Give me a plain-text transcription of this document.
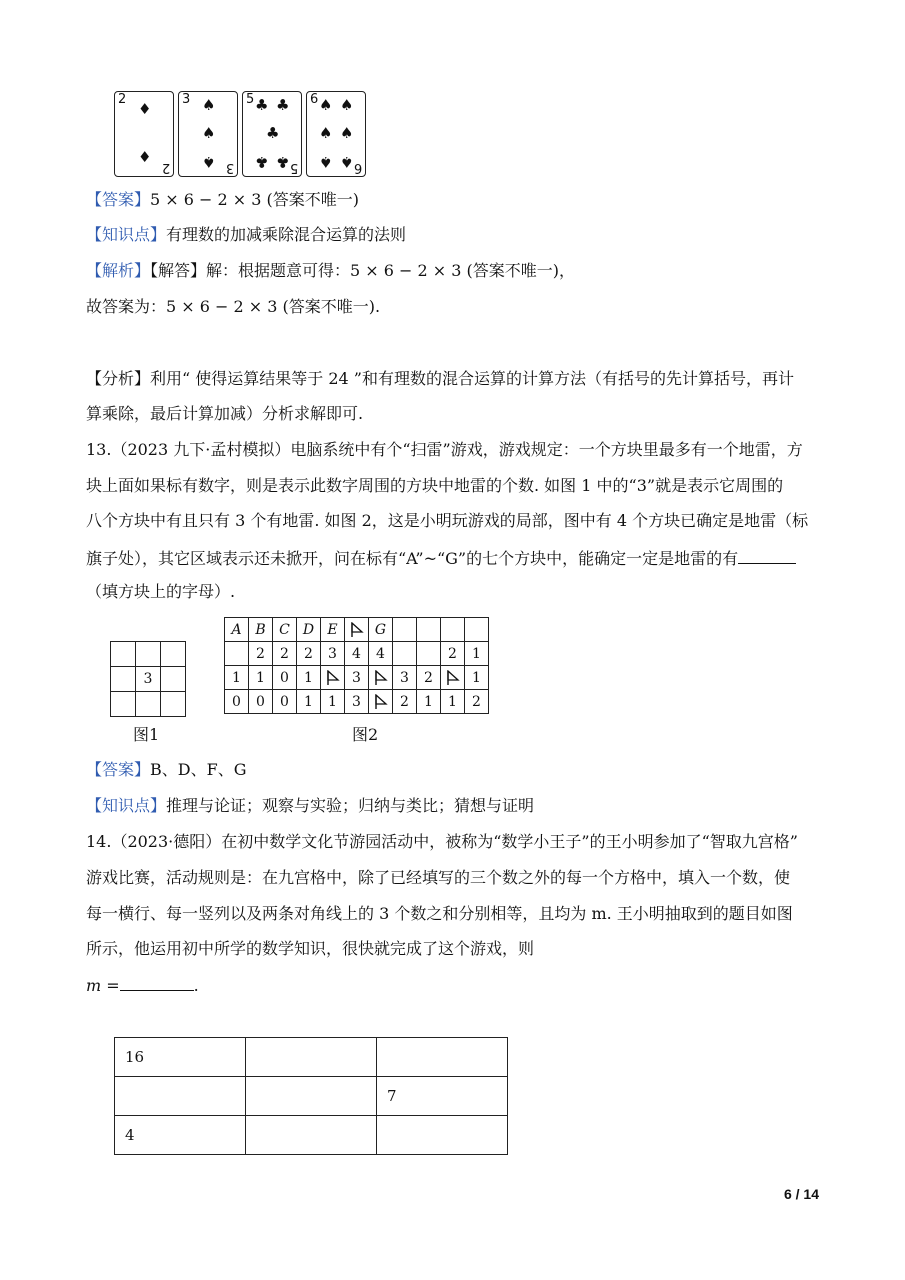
2
♦
♦
2
3 ♠
♠
♠ 3
5 ♣ ♣
♣
♣ ♣ 5
6 ♠ ♠
♠ ♠
♠ ♠ 6
【答案】5 × 6 − 2 × 3 (答案不唯一)
【知识点】有理数的加减乘除混合运算的法则
【解析】【解答】解：根据题意可得：5 × 6 − 2 × 3 (答案不唯一)，
故答案为：5 × 6 − 2 × 3 (答案不唯一).
【分析】利用“ 使得运算结果等于 24 ”和有理数的混合运算的计算方法（有括号的先计算括号，再计
算乘除，最后计算加减）分析求解即可.
13.（2023 九下·孟村模拟）电脑系统中有个“扫雷”游戏，游戏规定：一个方块里最多有一个地雷，方
块上面如果标有数字，则是表示此数字周围的方块中地雷的个数. 如图 1 中的“3”就是表示它周围的
八个方块中有且只有 3 个有地雷. 如图 2，这是小明玩游戏的局部，图中有 4 个方块已确定是地雷（标
旗子处），其它区域表示还未掀开，问在标有“A”~“G”的七个方块中，能确定一定是地雷的有
（填方块上的字母）.

	3	

图1
A	B	C	D	E		G				
	2	2	2	3	4	4			2	1
1	1	0	1		3		3	2		1
0	0	0	1	1	3		2	1	1	2
图2
【答案】B、D、F、G
【知识点】推理与论证；观察与实验；归纳与类比；猜想与证明
14.（2023·德阳）在初中数学文化节游园活动中，被称为“数学小王子”的王小明参加了“智取九宫格”
游戏比赛，活动规则是：在九宫格中，除了已经填写的三个数之外的每一个方格中，填入一个数，使
每一横行、每一竖列以及两条对角线上的 3 个数之和分别相等，且均为 m. 王小明抽取到的题目如图
所示，他运用初中所学的数学知识，很快就完成了这个游戏，则
m =	.
16		
		7
4		
6 / 14
